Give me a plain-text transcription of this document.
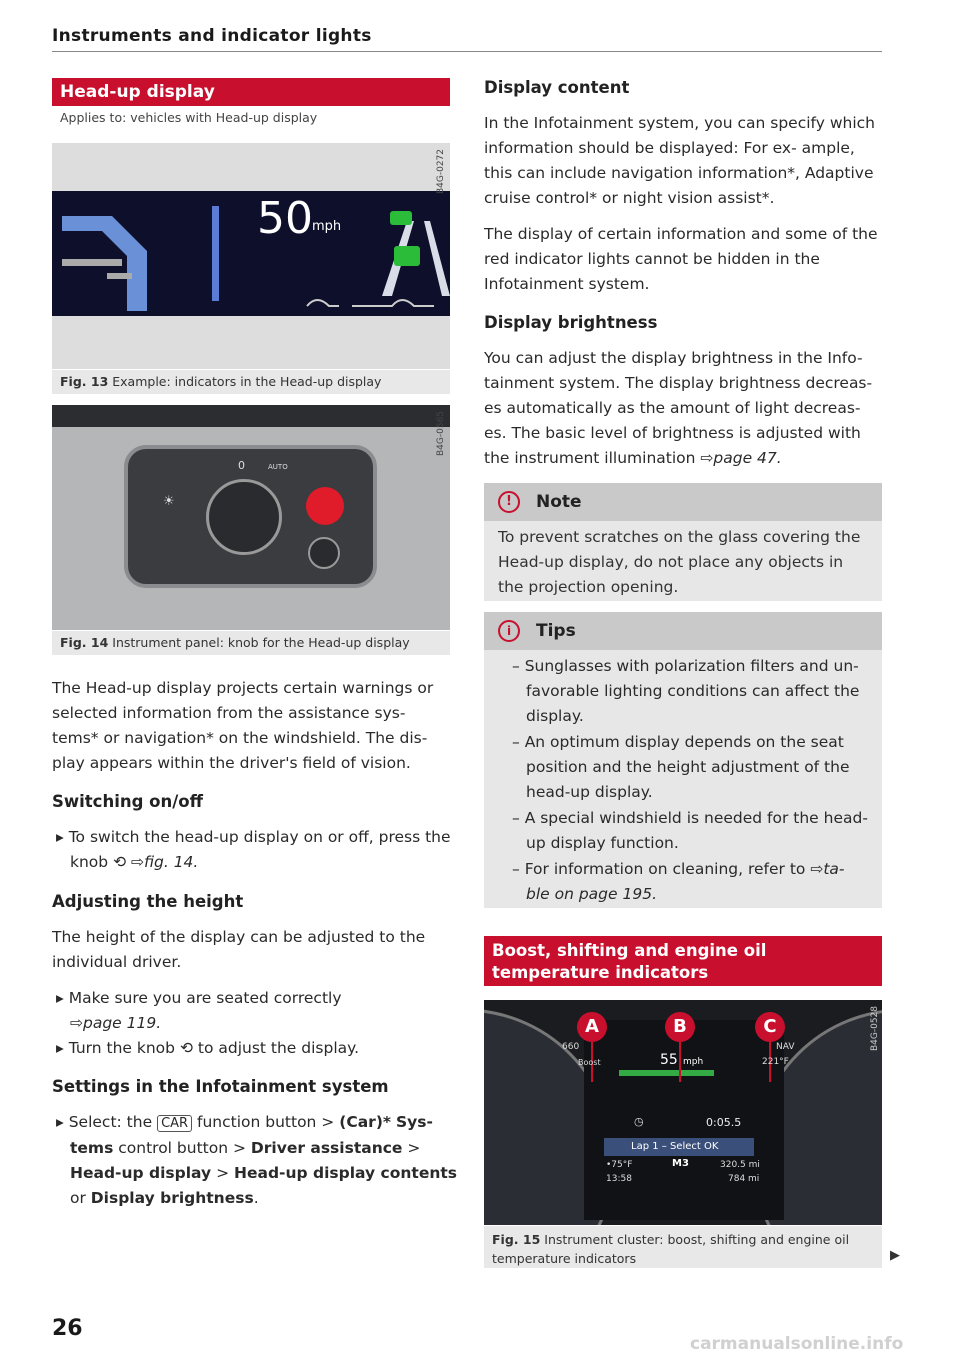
Instruments and indicator lights
Head-up display
Applies to: vehicles with Head-up display
50 mph
B4G-0272
Fig. 13 Example: indicators in the Head-up display
0	AUTO
☀
B4G-0565
Fig. 14 Instrument panel: knob for the Head-up display
The Head-up display projects certain warnings or selected information from the assistance sys- tems* or navigation* on the windshield. The dis- play appears within the driver's field of vision.
Switching on/off
▸ To switch the head-up display on or off, press the knob ⟲ ⇨fig. 14.
Adjusting the height
The height of the display can be adjusted to the individual driver.
▸ Make sure you are seated correctly
⇨page 119.
▸ Turn the knob ⟲ to adjust the display.
Settings in the Infotainment system
▸ Select: the CAR function button > (Car)* Sys- tems control button > Driver assistance > Head-up display > Head-up display contents or Display brightness.
26
Display content
In the Infotainment system, you can specify which information should be displayed: For ex- ample, this can include navigation information*, Adaptive cruise control* or night vision assist*.
The display of certain information and some of the red indicator lights cannot be hidden in the Infotainment system.
Display brightness
You can adjust the display brightness in the Info- tainment system. The display brightness decreas- es automatically as the amount of light decreas- es. The basic level of brightness is adjusted with the instrument illumination ⇨page 47.
!	Note
To prevent scratches on the glass covering the Head-up display, do not place any objects in the projection opening.
i	Tips
– Sunglasses with polarization filters and un- favorable lighting conditions can affect the display.
– An optimum display depends on the seat position and the height adjustment of the head-up display.
– A special windshield is needed for the head- up display function.
– For information on cleaning, refer to ⇨ta- ble on page 195.
Boost, shifting and engine oil temperature indicators
A	B	C
660	NAV
Boost	55 mph	221°F
◷	0:05.5
Lap 1 – Select OK
•75°F	M3	320.5 mi
13:58	784 mi
B4G-0528
Fig. 15 Instrument cluster: boost, shifting and engine oil temperature indicators	▶
carmanualsonline.info
